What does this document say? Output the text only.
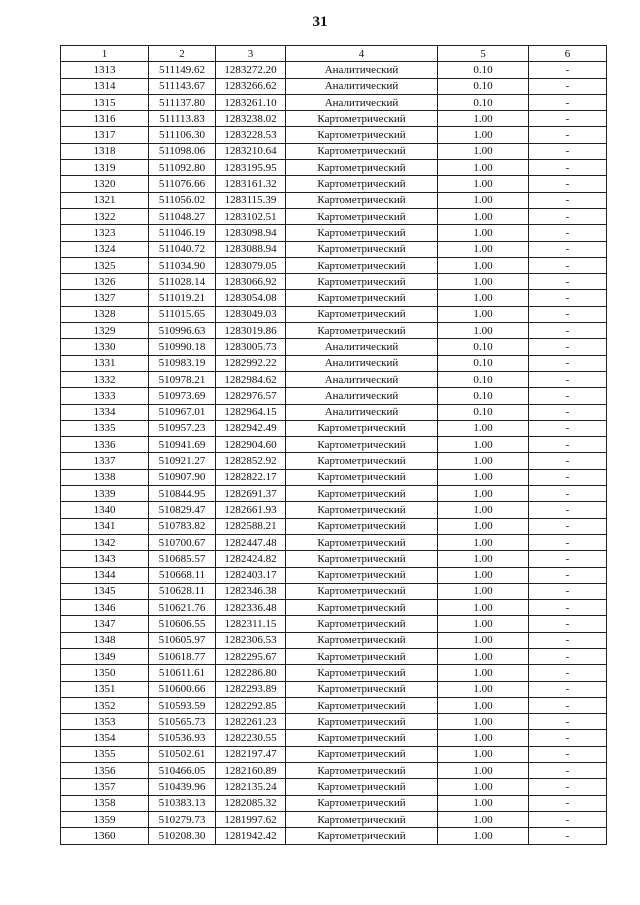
31
1	2	3	4	5	6
1313	511149.62	1283272.20	Аналитический	0.10	-
1314	511143.67	1283266.62	Аналитический	0.10	-
1315	511137.80	1283261.10	Аналитический	0.10	-
1316	511113.83	1283238.02	Картометрический	1.00	-
1317	511106.30	1283228.53	Картометрический	1.00	-
1318	511098.06	1283210.64	Картометрический	1.00	-
1319	511092.80	1283195.95	Картометрический	1.00	-
1320	511076.66	1283161.32	Картометрический	1.00	-
1321	511056.02	1283115.39	Картометрический	1.00	-
1322	511048.27	1283102.51	Картометрический	1.00	-
1323	511046.19	1283098.94	Картометрический	1.00	-
1324	511040.72	1283088.94	Картометрический	1.00	-
1325	511034.90	1283079.05	Картометрический	1.00	-
1326	511028.14	1283066.92	Картометрический	1.00	-
1327	511019.21	1283054.08	Картометрический	1.00	-
1328	511015.65	1283049.03	Картометрический	1.00	-
1329	510996.63	1283019.86	Картометрический	1.00	-
1330	510990.18	1283005.73	Аналитический	0.10	-
1331	510983.19	1282992.22	Аналитический	0.10	-
1332	510978.21	1282984.62	Аналитический	0.10	-
1333	510973.69	1282976.57	Аналитический	0.10	-
1334	510967.01	1282964.15	Аналитический	0.10	-
1335	510957.23	1282942.49	Картометрический	1.00	-
1336	510941.69	1282904.60	Картометрический	1.00	-
1337	510921.27	1282852.92	Картометрический	1.00	-
1338	510907.90	1282822.17	Картометрический	1.00	-
1339	510844.95	1282691.37	Картометрический	1.00	-
1340	510829.47	1282661.93	Картометрический	1.00	-
1341	510783.82	1282588.21	Картометрический	1.00	-
1342	510700.67	1282447.48	Картометрический	1.00	-
1343	510685.57	1282424.82	Картометрический	1.00	-
1344	510668.11	1282403.17	Картометрический	1.00	-
1345	510628.11	1282346.38	Картометрический	1.00	-
1346	510621.76	1282336.48	Картометрический	1.00	-
1347	510606.55	1282311.15	Картометрический	1.00	-
1348	510605.97	1282306.53	Картометрический	1.00	-
1349	510618.77	1282295.67	Картометрический	1.00	-
1350	510611.61	1282286.80	Картометрический	1.00	-
1351	510600.66	1282293.89	Картометрический	1.00	-
1352	510593.59	1282292.85	Картометрический	1.00	-
1353	510565.73	1282261.23	Картометрический	1.00	-
1354	510536.93	1282230.55	Картометрический	1.00	-
1355	510502.61	1282197.47	Картометрический	1.00	-
1356	510466.05	1282160.89	Картометрический	1.00	-
1357	510439.96	1282135.24	Картометрический	1.00	-
1358	510383.13	1282085.32	Картометрический	1.00	-
1359	510279.73	1281997.62	Картометрический	1.00	-
1360	510208.30	1281942.42	Картометрический	1.00	-
